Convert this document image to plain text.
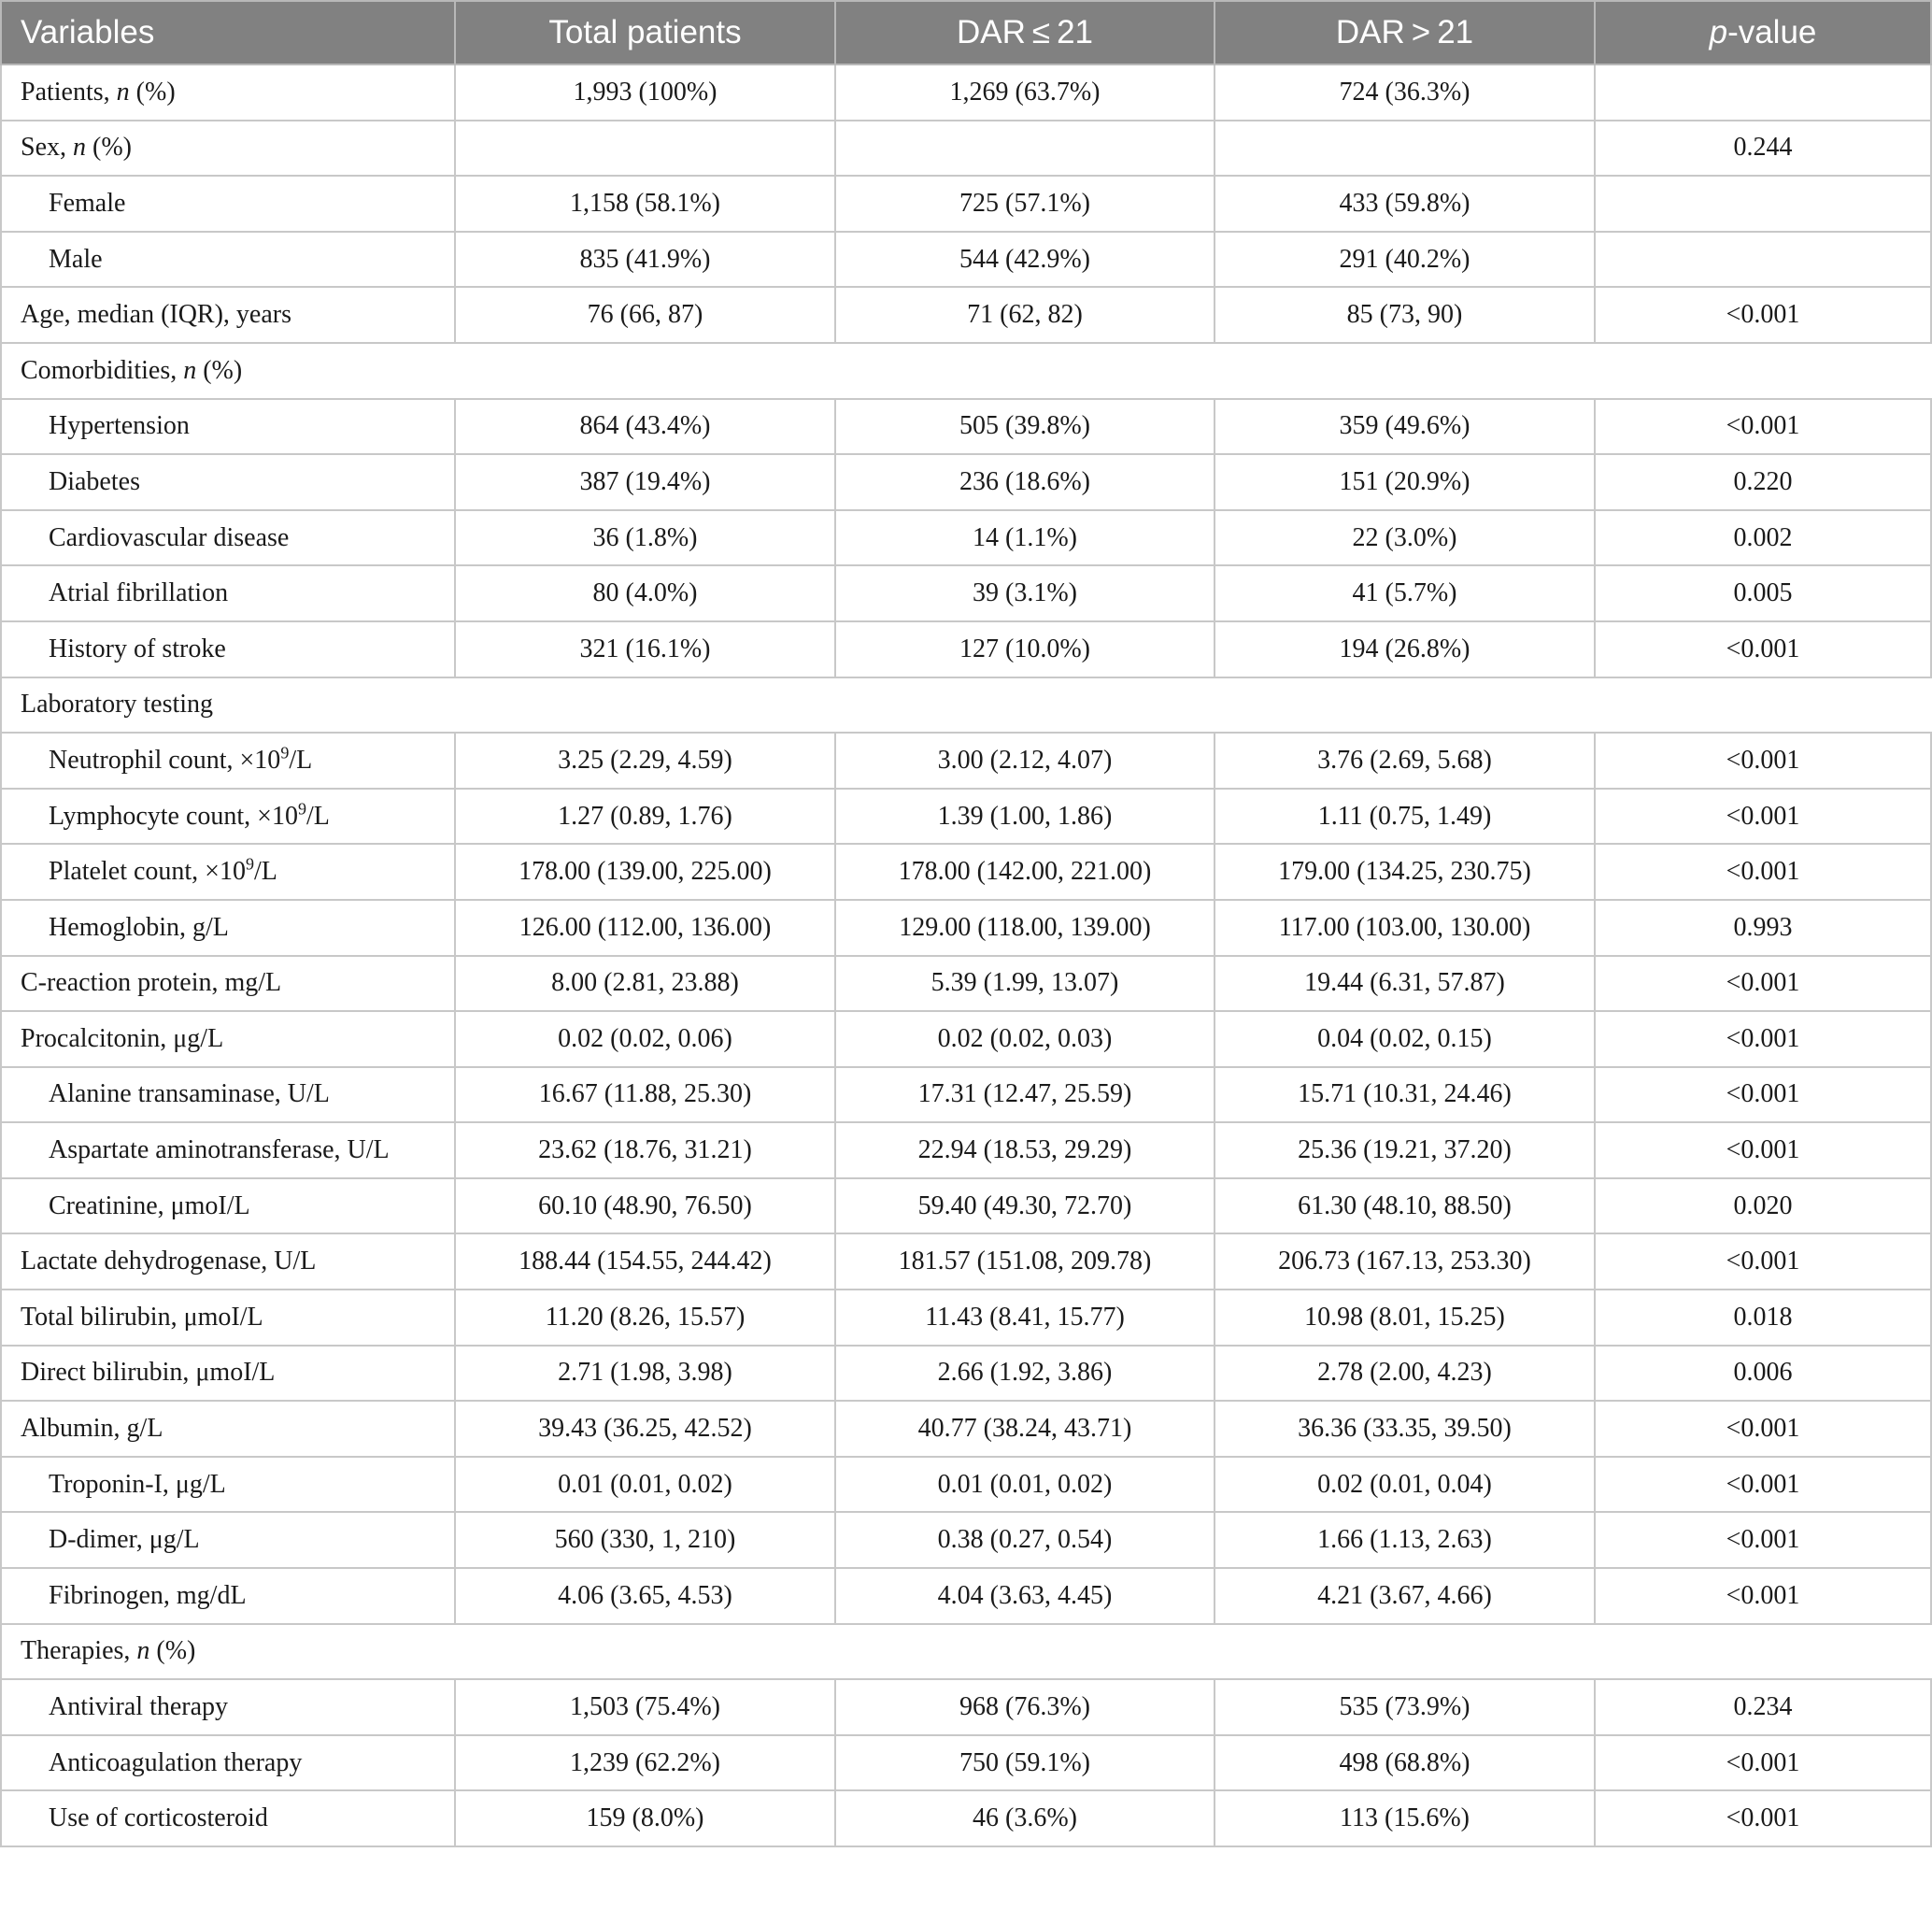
Variables	Total patients	DAR ≤ 21	DAR > 21	p-value
Patients, n (%)	1,993 (100%)	1,269 (63.7%)	724 (36.3%)	
Sex, n (%)				0.244
Female	1,158 (58.1%)	725 (57.1%)	433 (59.8%)	
Male	835 (41.9%)	544 (42.9%)	291 (40.2%)	
Age, median (IQR), years	76 (66, 87)	71 (62, 82)	85 (73, 90)	<0.001
Comorbidities, n (%)				
Hypertension	864 (43.4%)	505 (39.8%)	359 (49.6%)	<0.001
Diabetes	387 (19.4%)	236 (18.6%)	151 (20.9%)	0.220
Cardiovascular disease	36 (1.8%)	14 (1.1%)	22 (3.0%)	0.002
Atrial fibrillation	80 (4.0%)	39 (3.1%)	41 (5.7%)	0.005
History of stroke	321 (16.1%)	127 (10.0%)	194 (26.8%)	<0.001
Laboratory testing				
Neutrophil count, $\times 10^9/L$	3.25 (2.29, 4.59)	3.00 (2.12, 4.07)	3.76 (2.69, 5.68)	<0.001
Lymphocyte count, $\times 10^9/L$	1.27 (0.89, 1.76)	1.39 (1.00, 1.86)	1.11 (0.75, 1.49)	<0.001
Platelet count, $\times 10^9/L$	178.00 (139.00, 225.00)	178.00 (142.00, 221.00)	179.00 (134.25, 230.75)	<0.001
Hemoglobin, g/L	126.00 (112.00, 136.00)	129.00 (118.00, 139.00)	117.00 (103.00, 130.00)	0.993
C-reaction protein, mg/L	8.00 (2.81, 23.88)	5.39 (1.99, 13.07)	19.44 (6.31, 57.87)	<0.001
Procalcitonin, μg/L	0.02 (0.02, 0.06)	0.02 (0.02, 0.03)	0.04 (0.02, 0.15)	<0.001
Alanine transaminase, U/L	16.67 (11.88, 25.30)	17.31 (12.47, 25.59)	15.71 (10.31, 24.46)	<0.001
Aspartate aminotransferase, U/L	23.62 (18.76, 31.21)	22.94 (18.53, 29.29)	25.36 (19.21, 37.20)	<0.001
Creatinine, μmoI/L	60.10 (48.90, 76.50)	59.40 (49.30, 72.70)	61.30 (48.10, 88.50)	0.020
Lactate dehydrogenase, U/L	188.44 (154.55, 244.42)	181.57 (151.08, 209.78)	206.73 (167.13, 253.30)	<0.001
Total bilirubin, μmoI/L	11.20 (8.26, 15.57)	11.43 (8.41, 15.77)	10.98 (8.01, 15.25)	0.018
Direct bilirubin, μmoI/L	2.71 (1.98, 3.98)	2.66 (1.92, 3.86)	2.78 (2.00, 4.23)	0.006
Albumin, g/L	39.43 (36.25, 42.52)	40.77 (38.24, 43.71)	36.36 (33.35, 39.50)	<0.001
Troponin-I, μg/L	0.01 (0.01, 0.02)	0.01 (0.01, 0.02)	0.02 (0.01, 0.04)	<0.001
D-dimer, μg/L	560 (330, 1, 210)	0.38 (0.27, 0.54)	1.66 (1.13, 2.63)	<0.001
Fibrinogen, mg/dL	4.06 (3.65, 4.53)	4.04 (3.63, 4.45)	4.21 (3.67, 4.66)	<0.001
Therapies, n (%)				
Antiviral therapy	1,503 (75.4%)	968 (76.3%)	535 (73.9%)	0.234
Anticoagulation therapy	1,239 (62.2%)	750 (59.1%)	498 (68.8%)	<0.001
Use of corticosteroid	159 (8.0%)	46 (3.6%)	113 (15.6%)	<0.001
